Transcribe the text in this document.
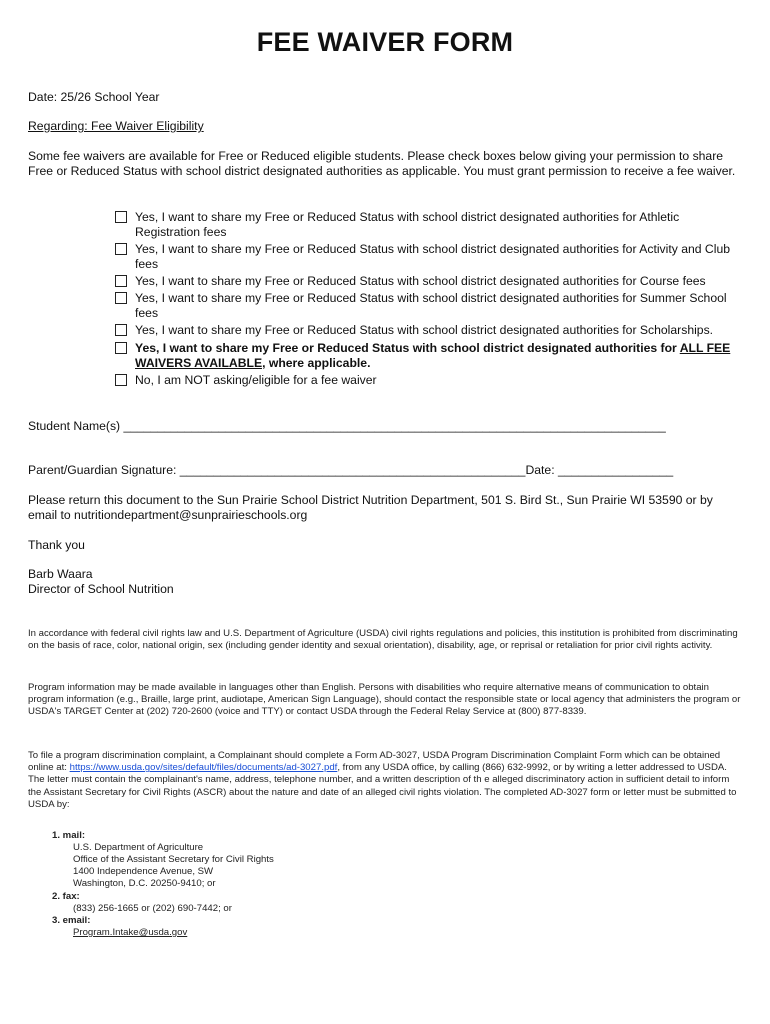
FEE WAIVER FORM
Date: 25/26 School Year
Regarding: Fee Waiver Eligibility
Some fee waivers are available for Free or Reduced eligible students. Please check boxes below giving your permission to share Free or Reduced Status with school district designated authorities as applicable. You must grant permission to receive a fee waiver.
Yes, I want to share my Free or Reduced Status with school district designated authorities for Athletic Registration fees
Yes, I want to share my Free or Reduced Status with school district designated authorities for Activity and Club fees
Yes, I want to share my Free or Reduced Status with school district designated authorities for Course fees
Yes, I want to share my Free or Reduced Status with school district designated authorities for Summer School fees
Yes, I want to share my Free or Reduced Status with school district designated authorities for Scholarships.
Yes, I want to share my Free or Reduced Status with school district designated authorities for ALL FEE WAIVERS AVAILABLE, where applicable.
No, I am NOT asking/eligible for a fee waiver
Student Name(s) ________________________________________________________________________________
Parent/Guardian Signature: ___________________________________________________Date: _________________
Please return this document to the Sun Prairie School District Nutrition Department, 501 S. Bird St., Sun Prairie WI 53590 or by email to nutritiondepartment@sunprairieschools.org
Thank you
Barb Waara
Director of School Nutrition
In accordance with federal civil rights law and U.S. Department of Agriculture (USDA) civil rights regulations and policies, this institution is prohibited from discriminating on the basis of race, color, national origin, sex (including gender identity and sexual orientation), disability, age, or reprisal or retaliation for prior civil rights activity.
Program information may be made available in languages other than English. Persons with disabilities who require alternative means of communication to obtain program information (e.g., Braille, large print, audiotape, American Sign Language), should contact the responsible state or local agency that administers the program or USDA's TARGET Center at (202) 720-2600 (voice and TTY) or contact USDA through the Federal Relay Service at (800) 877-8339.
To file a program discrimination complaint, a Complainant should complete a Form AD-3027, USDA Program Discrimination Complaint Form which can be obtained online at: https://www.usda.gov/sites/default/files/documents/ad-3027.pdf, from any USDA office, by calling (866) 632-9992, or by writing a letter addressed to USDA. The letter must contain the complainant's name, address, telephone number, and a written description of th e alleged discriminatory action in sufficient detail to inform the Assistant Secretary for Civil Rights (ASCR) about the nature and date of an alleged civil rights violation. The completed AD-3027 form or letter must be submitted to USDA by:
1. mail:
U.S. Department of Agriculture
Office of the Assistant Secretary for Civil Rights
1400 Independence Avenue, SW
Washington, D.C. 20250-9410; or
2. fax:
(833) 256-1665 or (202) 690-7442; or
3. email:
Program.Intake@usda.gov
